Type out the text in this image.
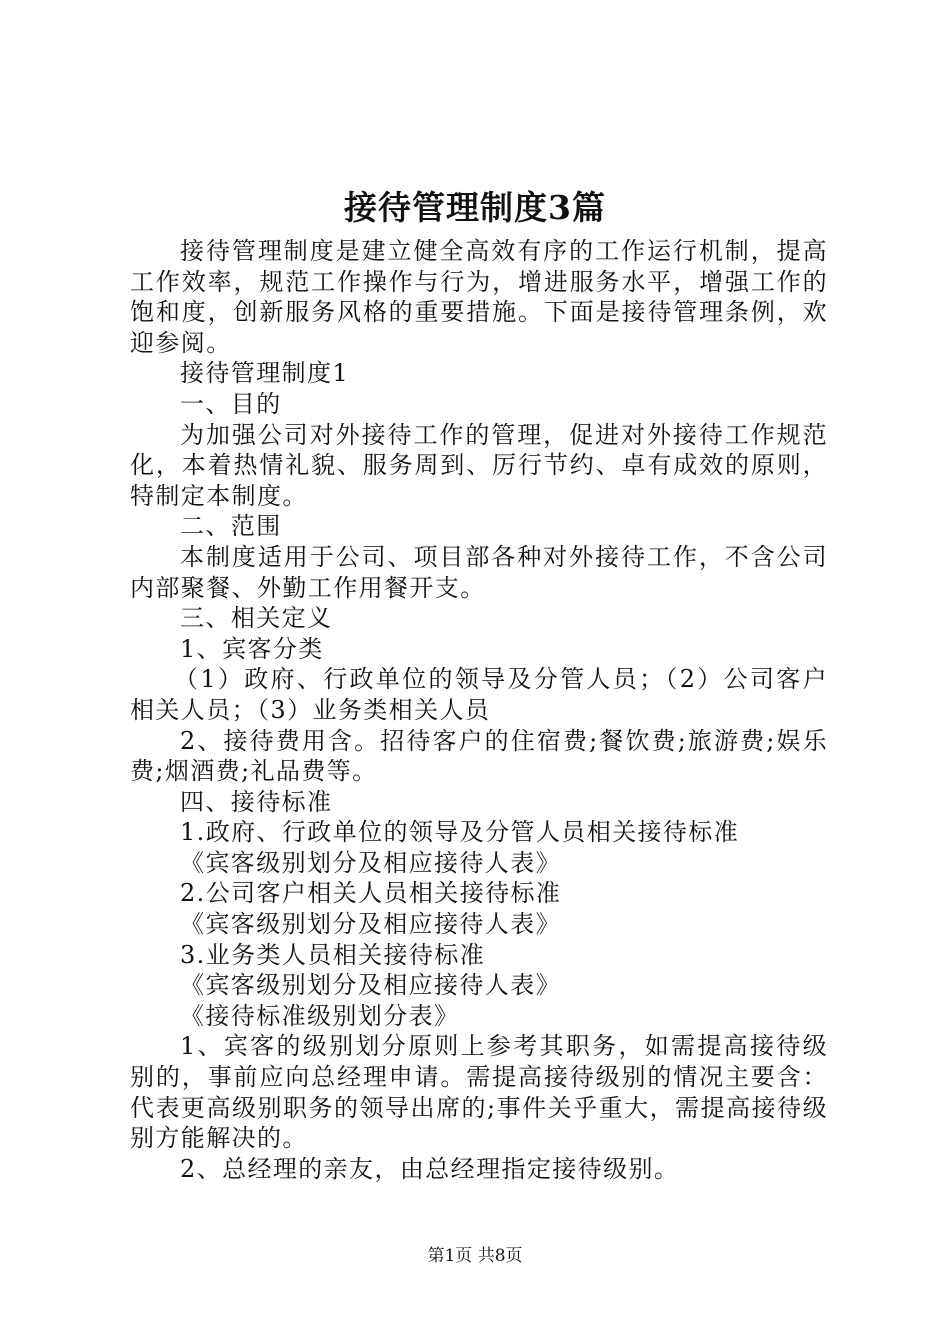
接待管理制度3篇

接待管理制度是建立健全高效有序的工作运行机制，提高工作效率，规范工作操作与行为，增进服务水平，增强工作的饱和度，创新服务风格的重要措施。下面是接待管理条例，欢迎参阅。

接待管理制度1

一、目的

为加强公司对外接待工作的管理，促进对外接待工作规范化，本着热情礼貌、服务周到、厉行节约、卓有成效的原则，特制定本制度。

二、范围

本制度适用于公司、项目部各种对外接待工作，不含公司内部聚餐、外勤工作用餐开支。

三、相关定义

1、宾客分类

（1）政府、行政单位的领导及分管人员；（2）公司客户相关人员；（3）业务类相关人员

2、接待费用含。招待客户的住宿费;餐饮费;旅游费;娱乐费;烟酒费;礼品费等。

四、接待标准

1.政府、行政单位的领导及分管人员相关接待标准

《宾客级别划分及相应接待人表》

2.公司客户相关人员相关接待标准

《宾客级别划分及相应接待人表》

3.业务类人员相关接待标准

《宾客级别划分及相应接待人表》

《接待标准级别划分表》

1、宾客的级别划分原则上参考其职务，如需提高接待级别的，事前应向总经理申请。需提高接待级别的情况主要含：代表更高级别职务的领导出席的;事件关乎重大，需提高接待级别方能解决的。

2、总经理的亲友，由总经理指定接待级别。

第1页 共8页
